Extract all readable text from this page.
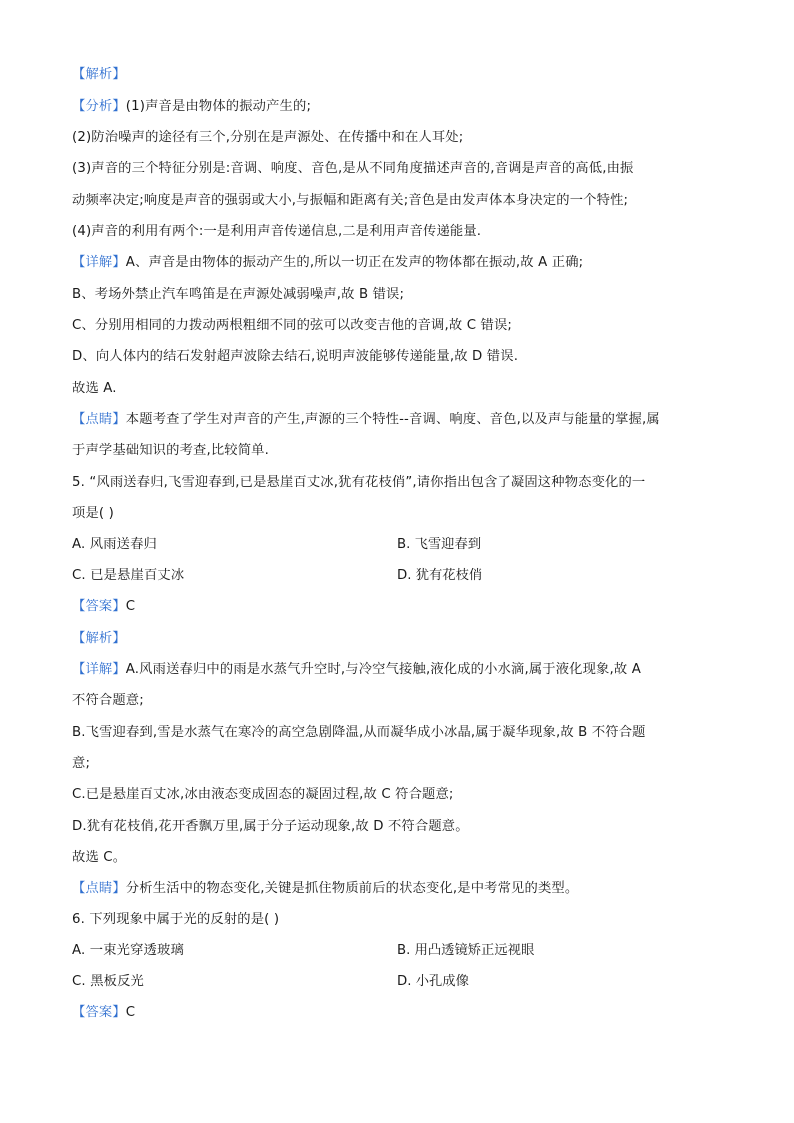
【解析】
【分析】(1)声音是由物体的振动产生的;
(2)防治噪声的途径有三个,分别在是声源处、在传播中和在人耳处;
(3)声音的三个特征分别是:音调、响度、音色,是从不同角度描述声音的,音调是声音的高低,由振
动频率决定;响度是声音的强弱或大小,与振幅和距离有关;音色是由发声体本身决定的一个特性;
(4)声音的利用有两个:一是利用声音传递信息,二是利用声音传递能量.
【详解】A、声音是由物体的振动产生的,所以一切正在发声的物体都在振动,故 A 正确;
B、考场外禁止汽车鸣笛是在声源处减弱噪声,故 B 错误;
C、分别用相同的力拨动两根粗细不同的弦可以改变吉他的音调,故 C 错误;
D、向人体内的结石发射超声波除去结石,说明声波能够传递能量,故 D 错误.
故选 A.
【点睛】本题考查了学生对声音的产生,声源的三个特性--音调、响度、音色,以及声与能量的掌握,属
于声学基础知识的考查,比较简单.
5. “风雨送春归,飞雪迎春到,已是悬崖百丈冰,犹有花枝俏”,请你指出包含了凝固这种物态变化的一
项是( )
A. 风雨送春归	B. 飞雪迎春到
C. 已是悬崖百丈冰	D. 犹有花枝俏
【答案】C
【解析】
【详解】A.风雨送春归中的雨是水蒸气升空时,与冷空气接触,液化成的小水滴,属于液化现象,故 A
不符合题意;
B.飞雪迎春到,雪是水蒸气在寒冷的高空急剧降温,从而凝华成小冰晶,属于凝华现象,故 B 不符合题
意;
C.已是悬崖百丈冰,冰由液态变成固态的凝固过程,故 C 符合题意;
D.犹有花枝俏,花开香飘万里,属于分子运动现象,故 D 不符合题意。
故选 C。
【点睛】分析生活中的物态变化,关键是抓住物质前后的状态变化,是中考常见的类型。
6. 下列现象中属于光的反射的是( )
A. 一束光穿透玻璃	B. 用凸透镜矫正远视眼
C. 黑板反光	D. 小孔成像
【答案】C
